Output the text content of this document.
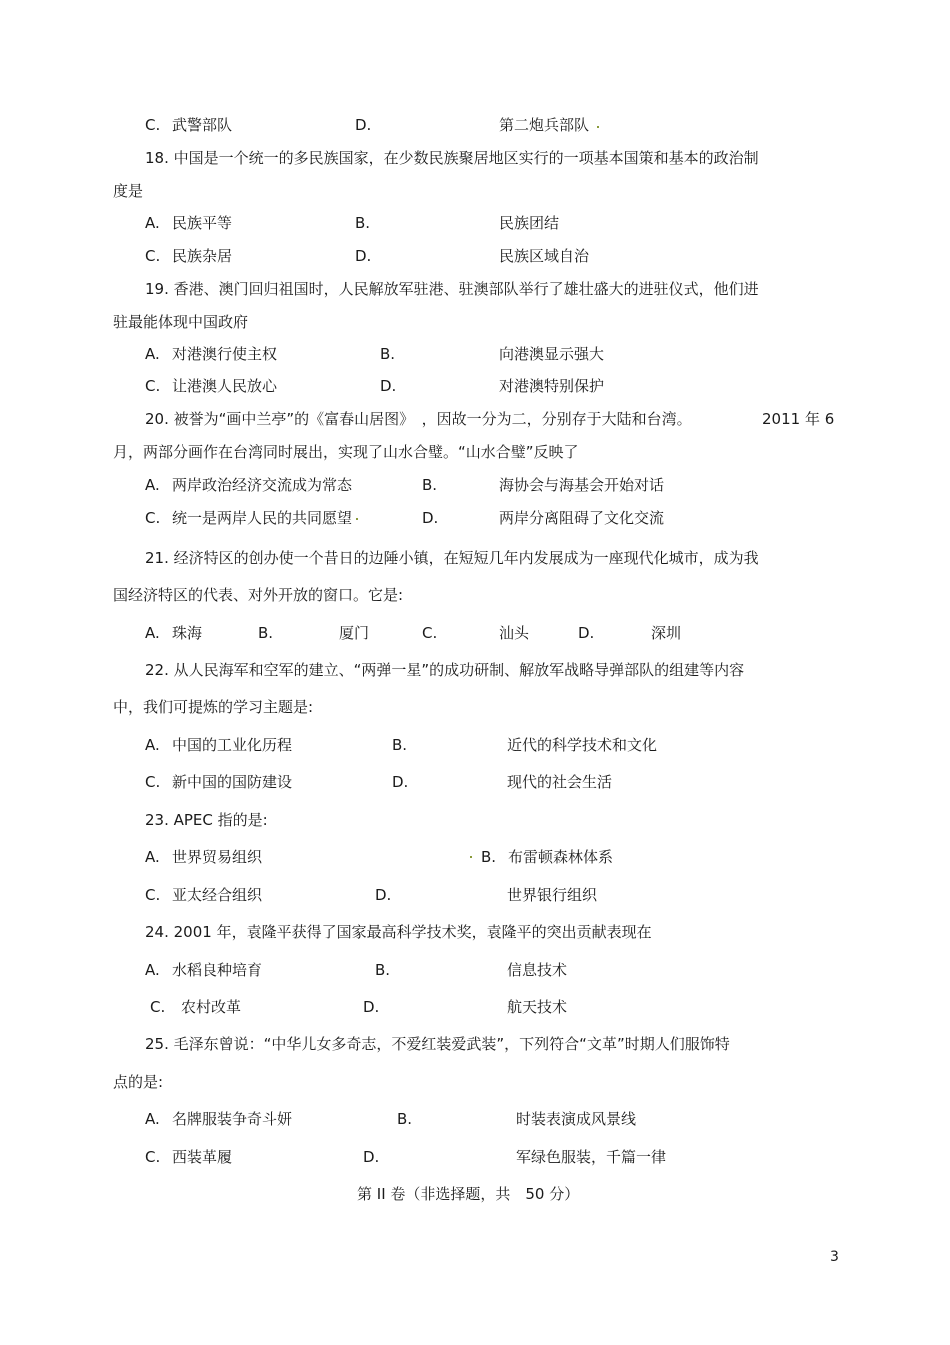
C. 武警部队	D.	第二炮兵部队
18. 中国是一个统一的多民族国家，在少数民族聚居地区实行的一项基本国策和基本的政治制
度是
A. 民族平等	B.	民族团结
C. 民族杂居	D.	民族区域自治
19. 香港、澳门回归祖国时，人民解放军驻港、驻澳部队举行了雄壮盛大的进驻仪式，他们进
驻最能体现中国政府
A. 对港澳行使主权	B.	向港澳显示强大
C. 让港澳人民放心	D.	对港澳特别保护
20. 被誉为“画中兰亭”的《富春山居图》　，因故一分为二，分别存于大陆和台湾。	2011 年 6
月，两部分画作在台湾同时展出，实现了山水合璧。“山水合璧”反映了
A. 两岸政治经济交流成为常态	B.	海协会与海基会开始对话
C. 统一是两岸人民的共同愿望	D.	两岸分离阻碍了文化交流
21. 经济特区的创办使一个昔日的边陲小镇，在短短几年内发展成为一座现代化城市，成为我
国经济特区的代表、对外开放的窗口。它是:
A. 珠海	B.	厦门	C.	汕头	D.	深圳
22. 从人民海军和空军的建立、“两弹一星”的成功研制、解放军战略导弹部队的组建等内容
中，我们可提炼的学习主题是:
A. 中国的工业化历程	B.	近代的科学技术和文化
C. 新中国的国防建设	D.	现代的社会生活
23. APEC 指的是:
A. 世界贸易组织	B. 布雷顿森林体系
C. 亚太经合组织	D.	世界银行组织
24. 2001 年，袁隆平获得了国家最高科学技术奖，袁隆平的突出贡献表现在
A. 水稻良种培育	B.	信息技术
C. 农村改革	D.	航天技术
25. 毛泽东曾说：“中华儿女多奇志，不爱红装爱武装”，下列符合“文革”时期人们服饰特
点的是:
A. 名牌服装争奇斗妍	B.	时装表演成风景线
C. 西装革履	D.	军绿色服装，千篇一律
第 II 卷（非选择题，共　50 分）
3
